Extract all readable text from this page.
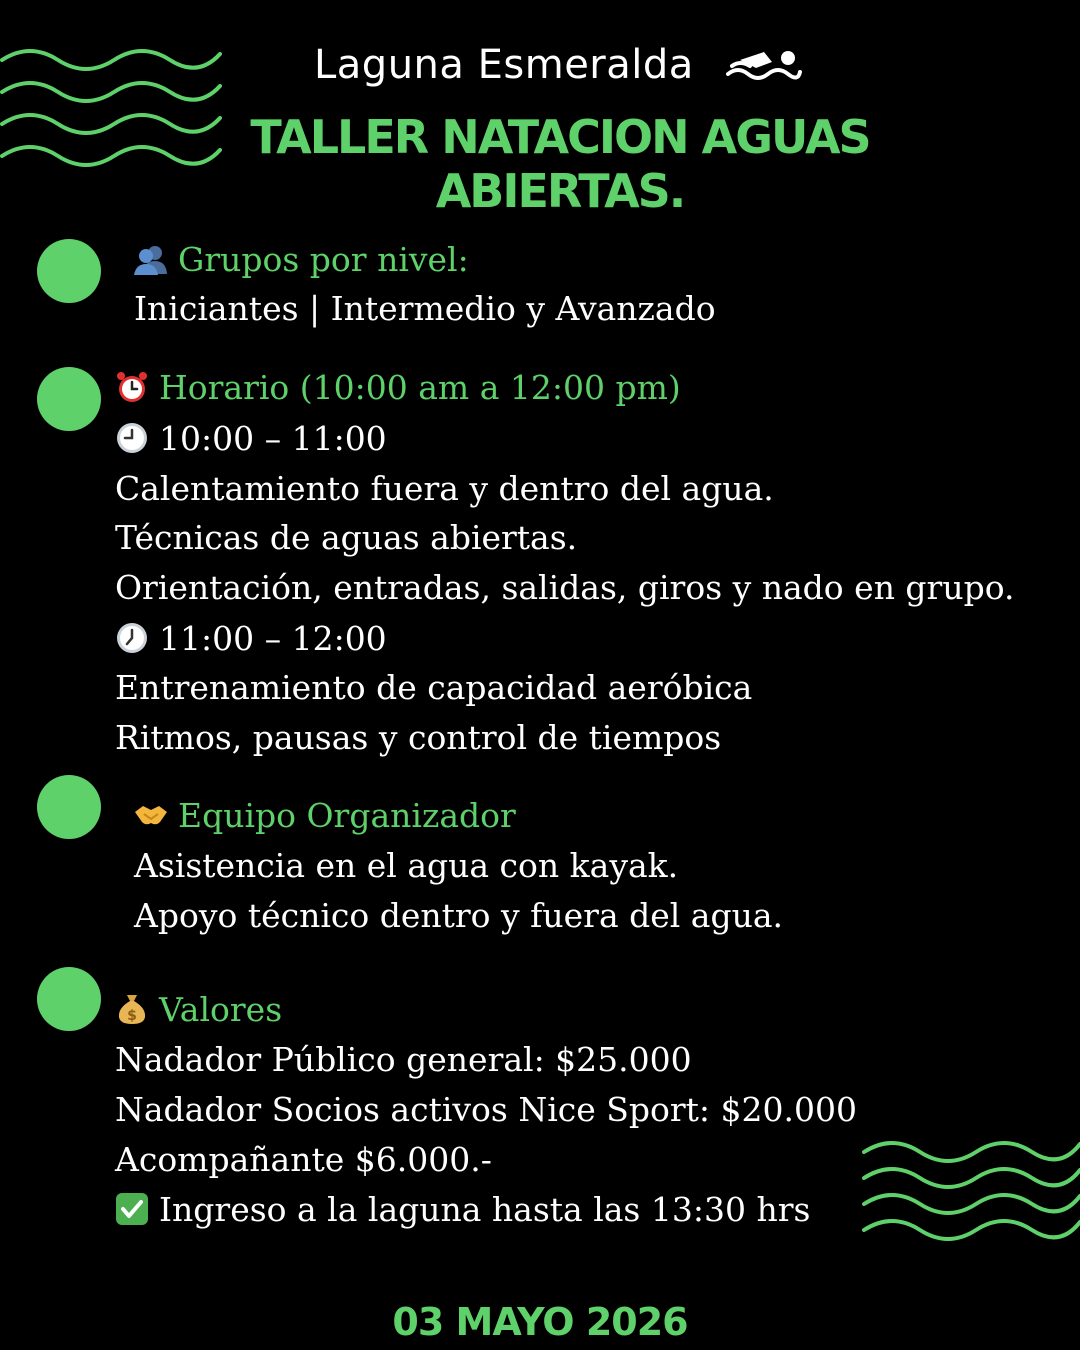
Laguna Esmeralda
TALLER NATACION AGUAS
ABIERTAS.
Grupos por nivel:
Iniciantes | Intermedio y Avanzado
Horario (10:00 am a 12:00 pm)
10:00 – 11:00
Calentamiento fuera y dentro del agua.
Técnicas de aguas abiertas.
Orientación, entradas, salidas, giros y nado en grupo.
11:00 – 12:00
Entrenamiento de capacidad aeróbica
Ritmos, pausas y control de tiempos
Equipo Organizador
Asistencia en el agua con kayak.
Apoyo técnico dentro y fuera del agua.
$ Valores
Nadador Público general: $25.000
Nadador Socios activos Nice Sport: $20.000
Acompañante $6.000.-
Ingreso a la laguna hasta las 13:30 hrs
03 MAYO 2026
